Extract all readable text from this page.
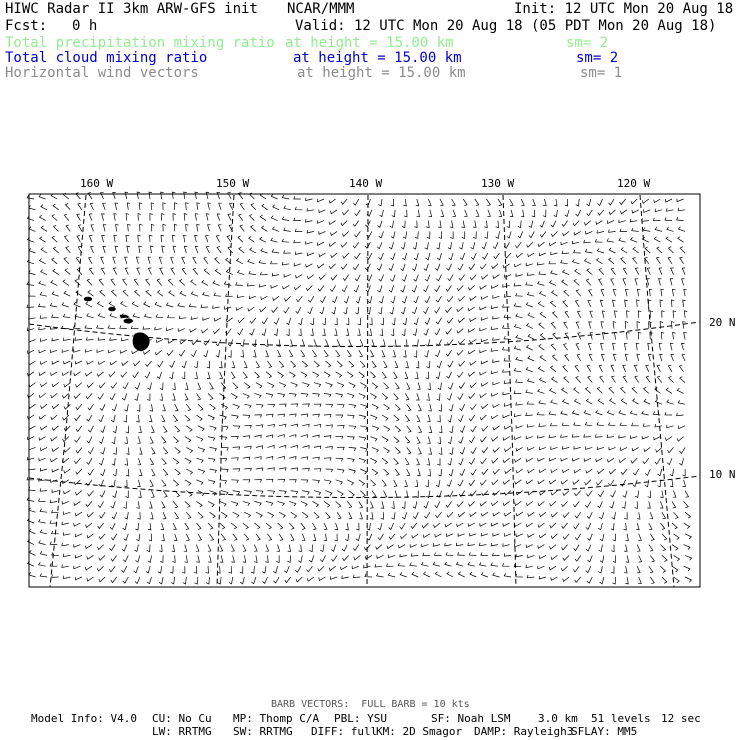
HIWC Radar II 3km ARW-GFS init NCAR/MMM	Init: 12 UTC Mon 20 Aug 18
Fcst: 0 h	Valid: 12 UTC Mon 20 Aug 18 (05 PDT Mon 20 Aug 18)
Total precipitation mixing ratio at height = 15.00 km	sm= 2
Total cloud mixing ratio	at height = 15.00 km	sm= 2
Horizontal wind vectors	at height = 15.00 km	sm= 1
160 W	150 W	140 W	130 W	120 W
20 N
10 N
BARB VECTORS:  FULL BARB = 10 kts
Model Info: V4.0 CU: No Cu MP: Thomp C/A PBL: YSU	SF: Noah LSM	3.0 km 51 levels 12 sec
LW: RRTMG SW: RRTMG DIFF: full
KM: 2D Smagor DAMP: Rayleigh3
SFLAY: MM5
